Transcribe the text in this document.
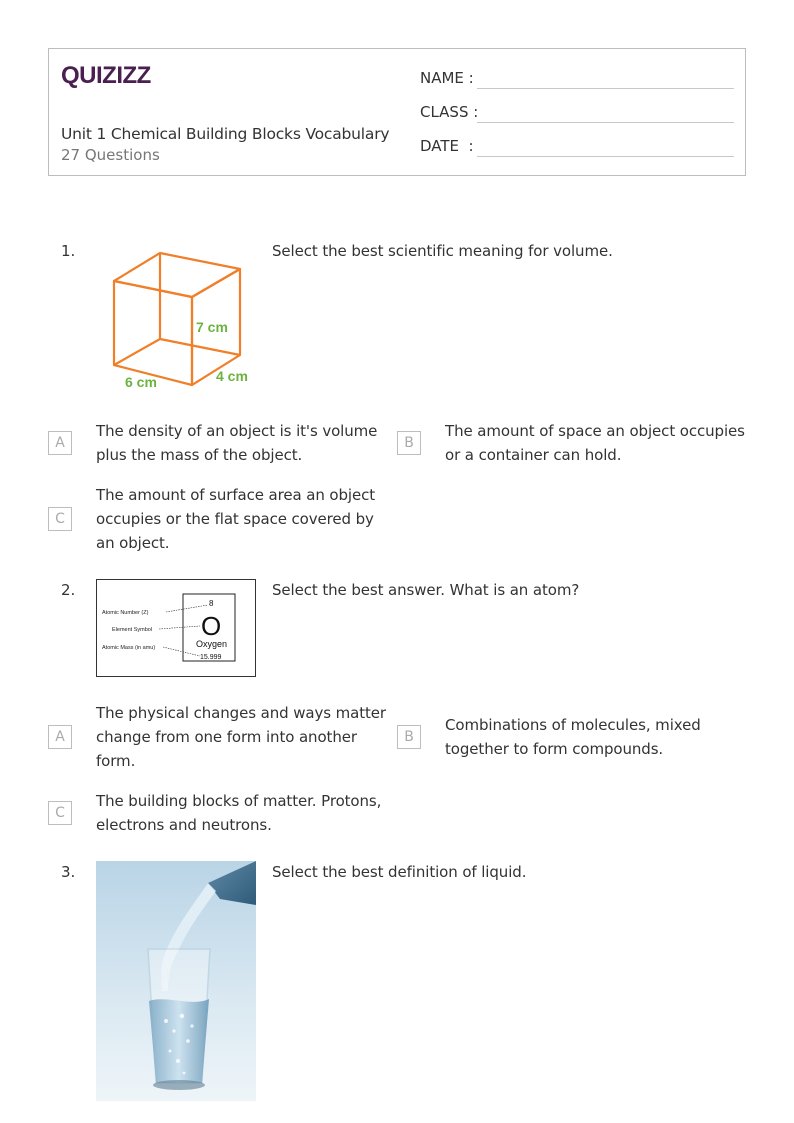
QUIZIZZ
Unit 1 Chemical Building Blocks Vocabulary
27 Questions
NAME :
CLASS :
DATE  :
1.
7 cm
6 cm	4 cm
Select the best scientific meaning for volume.
A
The density of an object is it's volume plus the mass of the object.
B
The amount of space an object occupies or a container can hold.
C
The amount of surface area an object occupies or the flat space covered by an object.
2.
Atomic Number (Z)
Element Symbol
Atomic Mass (in amu)
8
O
Oxygen
15.999
Select the best answer. What is an atom?
A
The physical changes and ways matter change from one form into another form.
B
Combinations of molecules, mixed together to form compounds.
C
The building blocks of matter. Protons, electrons and neutrons.
3.	Select the best definition of liquid.
